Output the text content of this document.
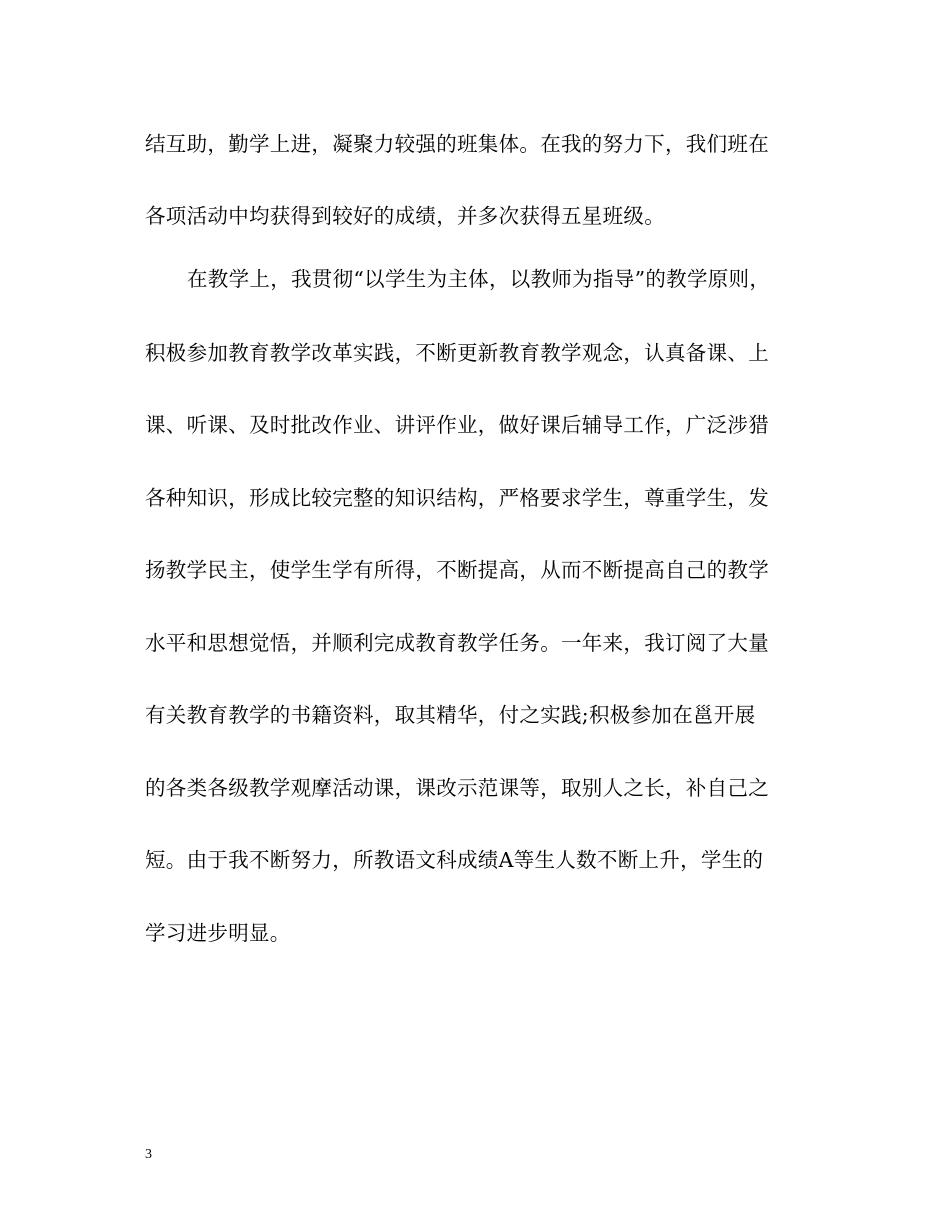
结互助，勤学上进，凝聚力较强的班集体。在我的努力下，我们班在
各项活动中均获得到较好的成绩，并多次获得五星班级。
在教学上，我贯彻“以学生为主体，以教师为指导”的教学原则，
积极参加教育教学改革实践，不断更新教育教学观念，认真备课、上
课、听课、及时批改作业、讲评作业，做好课后辅导工作，广泛涉猎
各种知识，形成比较完整的知识结构，严格要求学生，尊重学生，发
扬教学民主，使学生学有所得，不断提高，从而不断提高自己的教学
水平和思想觉悟，并顺利完成教育教学任务。一年来，我订阅了大量
有关教育教学的书籍资料，取其精华，付之实践;积极参加在邕开展
的各类各级教学观摩活动课，课改示范课等，取别人之长，补自己之
短。由于我不断努力，所教语文科成绩A等生人数不断上升，学生的
学习进步明显。
3
